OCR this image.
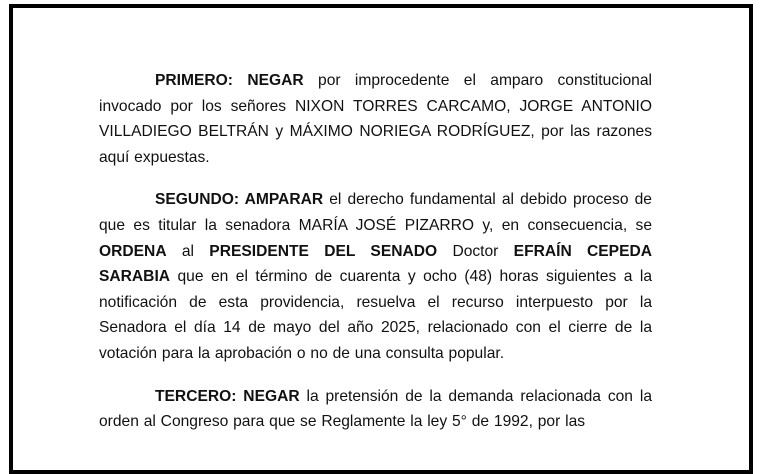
PRIMERO: NEGAR por improcedente el amparo constitucional invocado por los señores NIXON TORRES CARCAMO, JORGE ANTONIO VILLADIEGO BELTRÁN y MÁXIMO NORIEGA RODRÍGUEZ, por las razones aquí expuestas.

SEGUNDO: AMPARAR el derecho fundamental al debido proceso de que es titular la senadora MARÍA JOSÉ PIZARRO y, en consecuencia, se ORDENA al PRESIDENTE DEL SENADO Doctor EFRAÍN CEPEDA SARABIA que en el término de cuarenta y ocho (48) horas siguientes a la notificación de esta providencia, resuelva el recurso interpuesto por la Senadora el día 14 de mayo del año 2025, relacionado con el cierre de la votación para la aprobación o no de una consulta popular.

TERCERO: NEGAR la pretensión de la demanda relacionada con la orden al Congreso para que se Reglamente la ley 5° de 1992, por las
